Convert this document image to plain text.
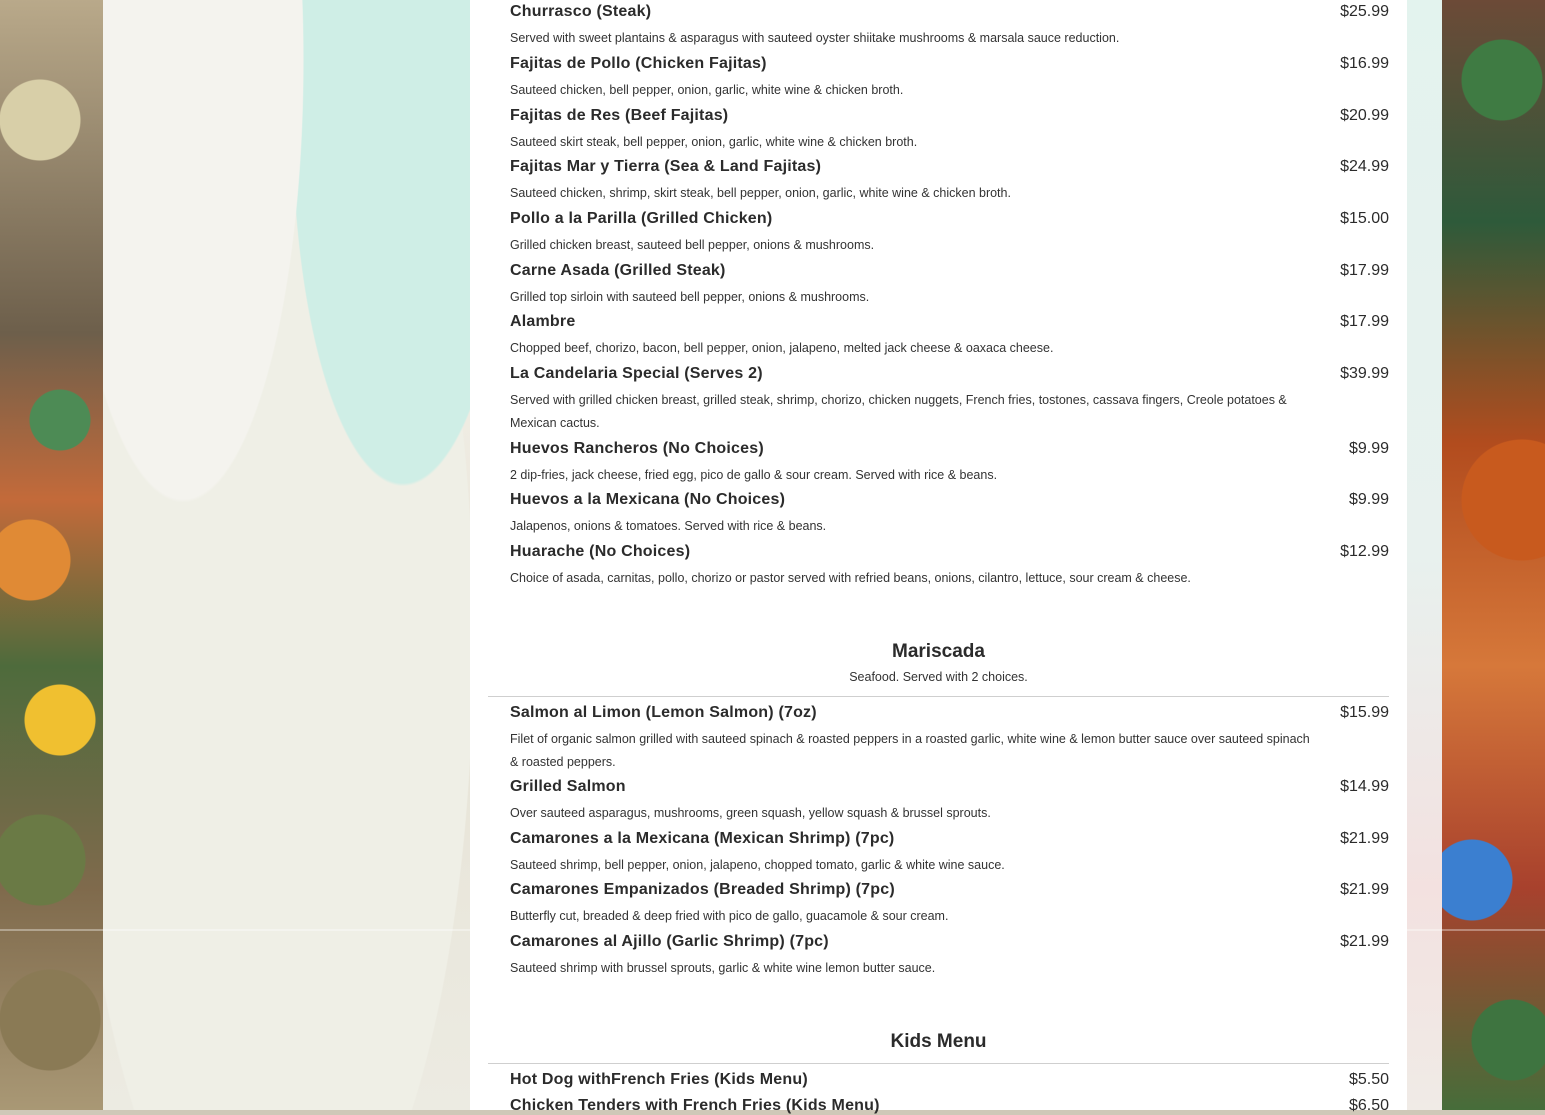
Churrasco (Steak)	$25.99
Served with sweet plantains & asparagus with sauteed oyster shiitake mushrooms & marsala sauce reduction.
Fajitas de Pollo (Chicken Fajitas)	$16.99
Sauteed chicken, bell pepper, onion, garlic, white wine & chicken broth.
Fajitas de Res (Beef Fajitas)	$20.99
Sauteed skirt steak, bell pepper, onion, garlic, white wine & chicken broth.
Fajitas Mar y Tierra (Sea & Land Fajitas)	$24.99
Sauteed chicken, shrimp, skirt steak, bell pepper, onion, garlic, white wine & chicken broth.
Pollo a la Parilla (Grilled Chicken)	$15.00
Grilled chicken breast, sauteed bell pepper, onions & mushrooms.
Carne Asada (Grilled Steak)	$17.99
Grilled top sirloin with sauteed bell pepper, onions & mushrooms.
Alambre	$17.99
Chopped beef, chorizo, bacon, bell pepper, onion, jalapeno, melted jack cheese & oaxaca cheese.
La Candelaria Special (Serves 2)	$39.99
Served with grilled chicken breast, grilled steak, shrimp, chorizo, chicken nuggets, French fries, tostones, cassava fingers, Creole potatoes & Mexican cactus.
Huevos Rancheros (No Choices)	$9.99
2 dip-fries, jack cheese, fried egg, pico de gallo & sour cream. Served with rice & beans.
Huevos a la Mexicana (No Choices)	$9.99
Jalapenos, onions & tomatoes. Served with rice & beans.
Huarache (No Choices)	$12.99
Choice of asada, carnitas, pollo, chorizo or pastor served with refried beans, onions, cilantro, lettuce, sour cream & cheese.
Mariscada
Seafood. Served with 2 choices.
Salmon al Limon (Lemon Salmon) (7oz)	$15.99
Filet of organic salmon grilled with sauteed spinach & roasted peppers in a roasted garlic, white wine & lemon butter sauce over sauteed spinach & roasted peppers.
Grilled Salmon	$14.99
Over sauteed asparagus, mushrooms, green squash, yellow squash & brussel sprouts.
Camarones a la Mexicana (Mexican Shrimp) (7pc)	$21.99
Sauteed shrimp, bell pepper, onion, jalapeno, chopped tomato, garlic & white wine sauce.
Camarones Empanizados (Breaded Shrimp) (7pc)	$21.99
Butterfly cut, breaded & deep fried with pico de gallo, guacamole & sour cream.
Camarones al Ajillo (Garlic Shrimp) (7pc)	$21.99
Sauteed shrimp with brussel sprouts, garlic & white wine lemon butter sauce.
Kids Menu
Hot Dog withFrench Fries (Kids Menu)	$5.50
Chicken Tenders with French Fries (Kids Menu)	$6.50
